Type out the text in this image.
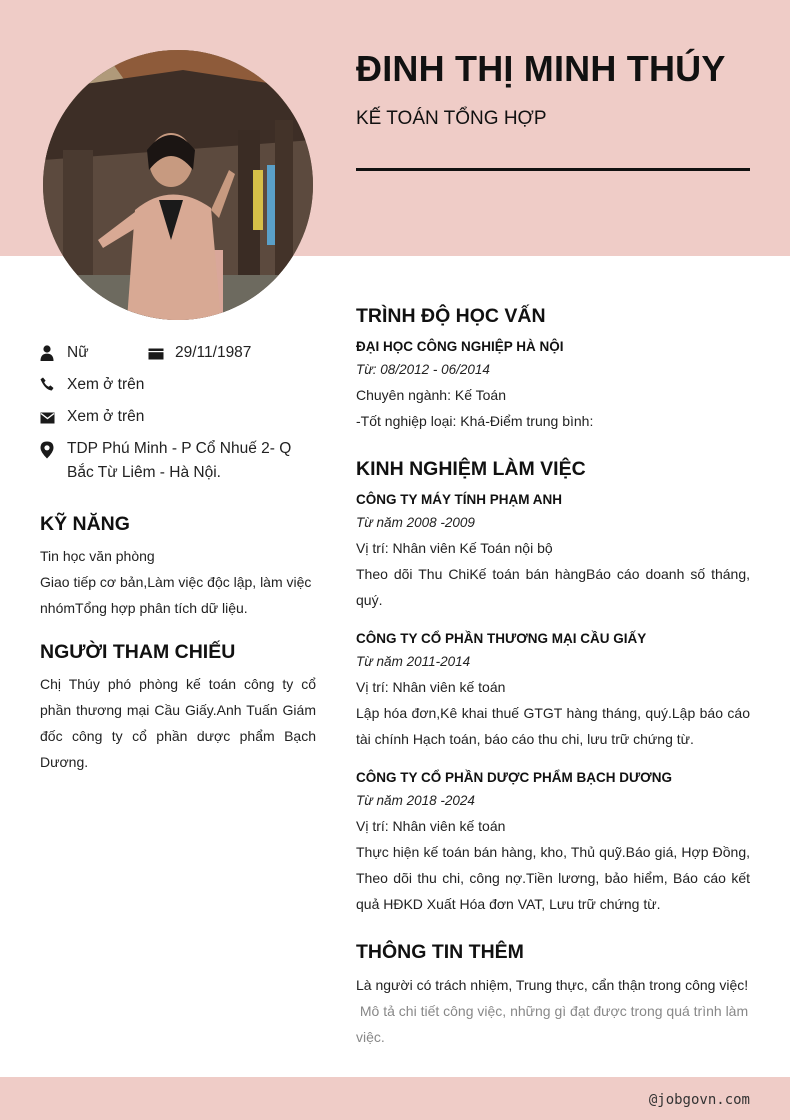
@jobgovn.com
ĐINH THỊ MINH THÚY
KẾ TOÁN TỔNG HỢP
Nữ	29/11/1987
Xem ở trên
Xem ở trên
TDP Phú Minh - P Cổ Nhuế 2- Q
Bắc Từ Liêm - Hà Nội.
KỸ NĂNG
Tin học văn phòng
Giao tiếp cơ bản,Làm việc độc lập, làm việc
nhómTổng hợp phân tích dữ liệu.
NGƯỜI THAM CHIẾU
Chị Thúy phó phòng kế toán công ty cổ phần thương mại Cầu Giấy.Anh Tuấn Giám đốc công ty cổ phần dược phẩm Bạch Dương.
TRÌNH ĐỘ HỌC VẤN
ĐẠI HỌC CÔNG NGHIỆP HÀ NỘI
Từ: 08/2012 - 06/2014
Chuyên ngành: Kế Toán
-Tốt nghiệp loại: Khá-Điểm trung bình:
KINH NGHIỆM LÀM VIỆC
CÔNG TY MÁY TÍNH PHẠM ANH
Từ năm 2008 -2009
Vị trí: Nhân viên Kế Toán nội bộ
Theo dõi Thu ChiKế toán bán hàngBáo cáo doanh số tháng, quý.
CÔNG TY CỔ PHẦN THƯƠNG MẠI CẦU GIẤY
Từ năm 2011-2014
Vị trí: Nhân viên kế toán
Lập hóa đơn,Kê khai thuế GTGT hàng tháng, quý.Lập báo cáo tài chính Hạch toán, báo cáo thu chi, lưu trữ chứng từ.
CÔNG TY CỔ PHẦN DƯỢC PHẨM BẠCH DƯƠNG
Từ năm 2018 -2024
Vị trí: Nhân viên kế toán
Thực hiện kế toán bán hàng, kho, Thủ quỹ.Báo giá, Hợp Đồng, Theo dõi thu chi, công nợ.Tiền lương, bảo hiểm, Báo cáo kết quả HĐKD Xuất Hóa đơn VAT, Lưu trữ chứng từ.
THÔNG TIN THÊM
Là người có trách nhiệm, Trung thực, cẩn thận trong công việc!
Mô tả chi tiết công việc, những gì đạt được trong quá trình làm việc.
